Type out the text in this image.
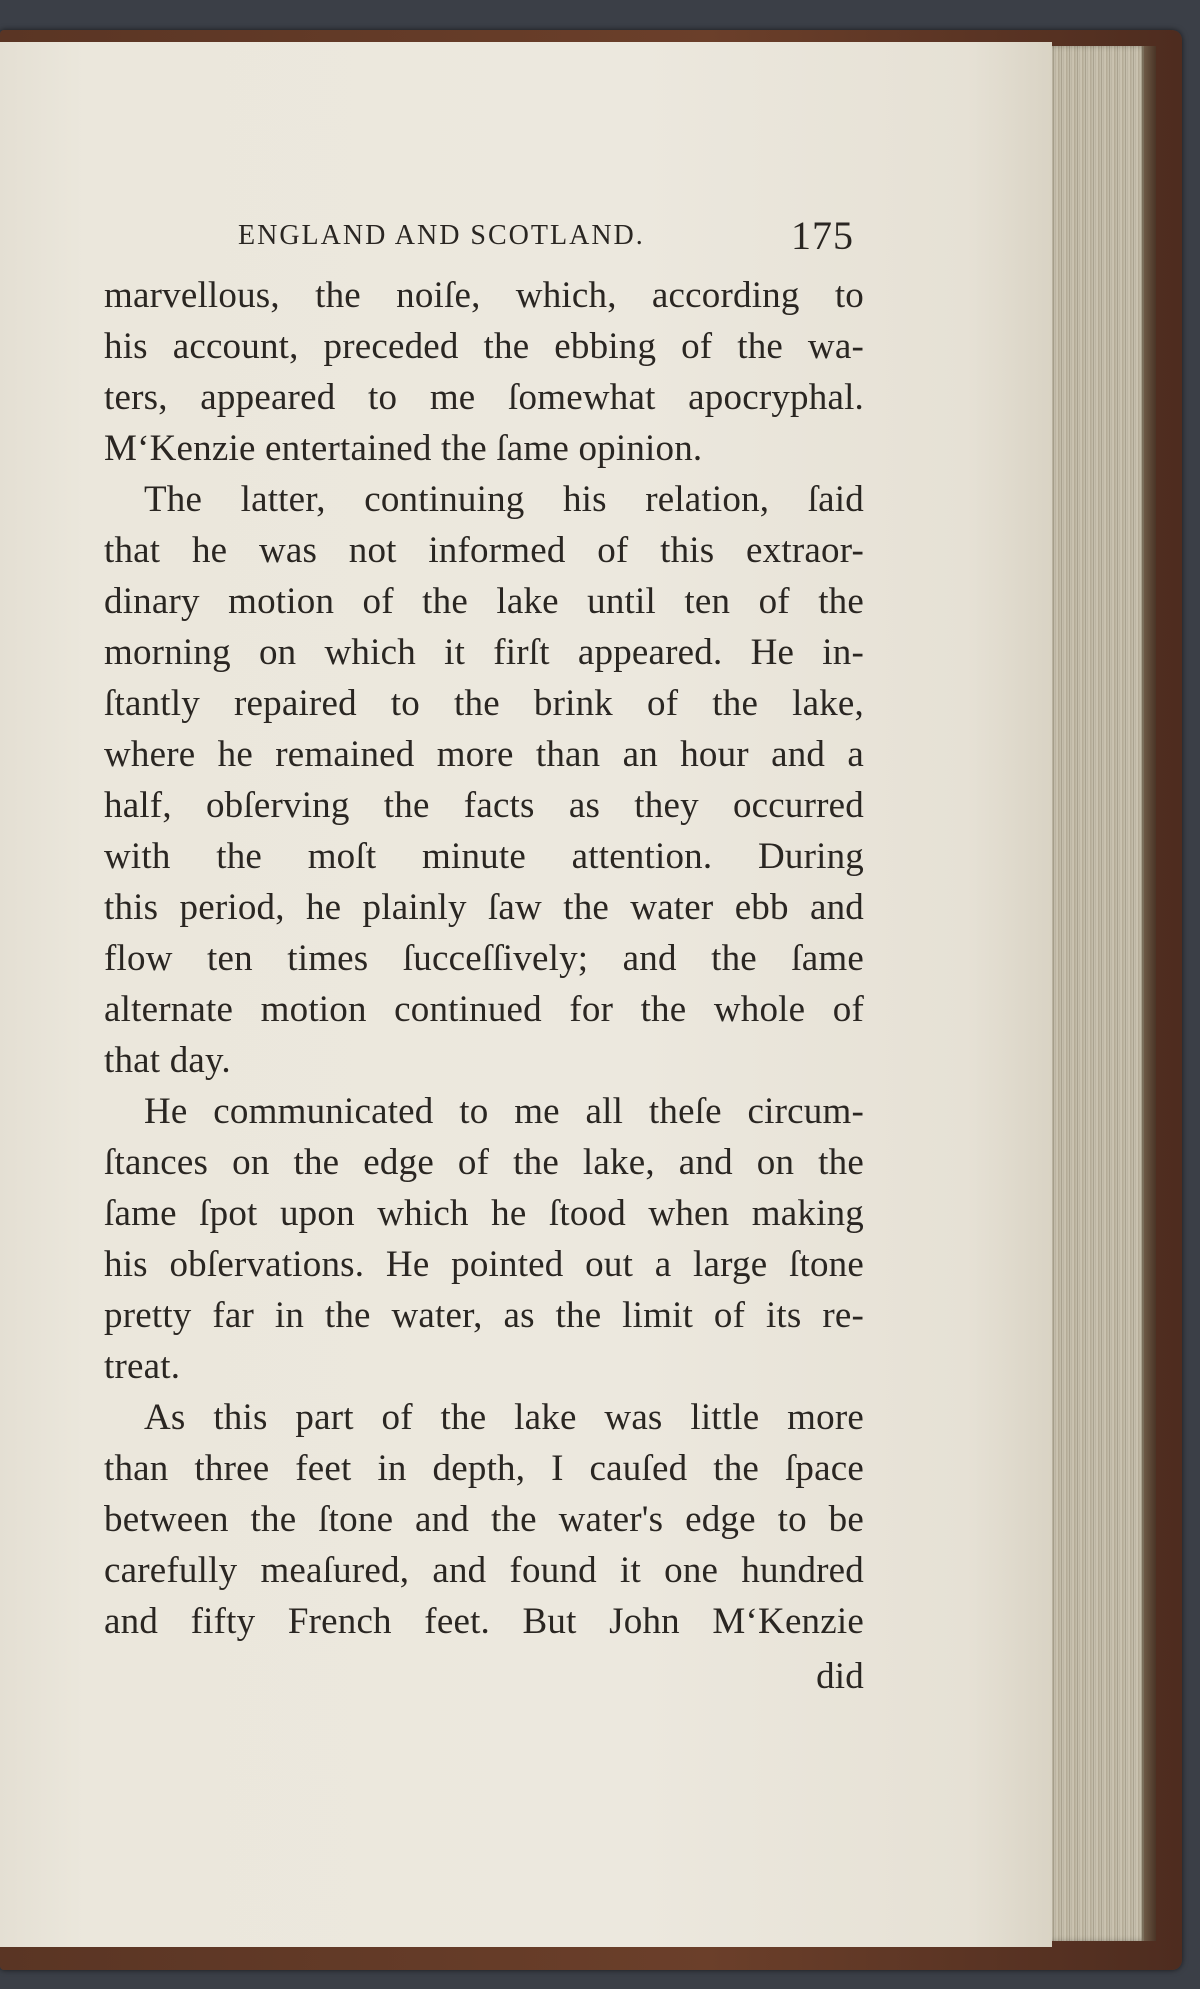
ENGLAND AND SCOTLAND.	175
marvellous, the noiſe, which, according to
his account, preceded the ebbing of the wa-
ters, appeared to me ſomewhat apocryphal.
M‘Kenzie entertained the ſame opinion.
The latter, continuing his relation, ſaid
that he was not informed of this extraor-
dinary motion of the lake until ten of the
morning on which it firſt appeared. He in-
ſtantly repaired to the brink of the lake,
where he remained more than an hour and a
half, obſerving the facts as they occurred
with the moſt minute attention. During
this period, he plainly ſaw the water ebb and
flow ten times ſucceſſively; and the ſame
alternate motion continued for the whole of
that day.
He communicated to me all theſe circum-
ſtances on the edge of the lake, and on the
ſame ſpot upon which he ſtood when making
his obſervations. He pointed out a large ſtone
pretty far in the water, as the limit of its re-
treat.
As this part of the lake was little more
than three feet in depth, I cauſed the ſpace
between the ſtone and the water's edge to be
carefully meaſured, and found it one hundred
and fifty French feet. But John M‘Kenzie
did
